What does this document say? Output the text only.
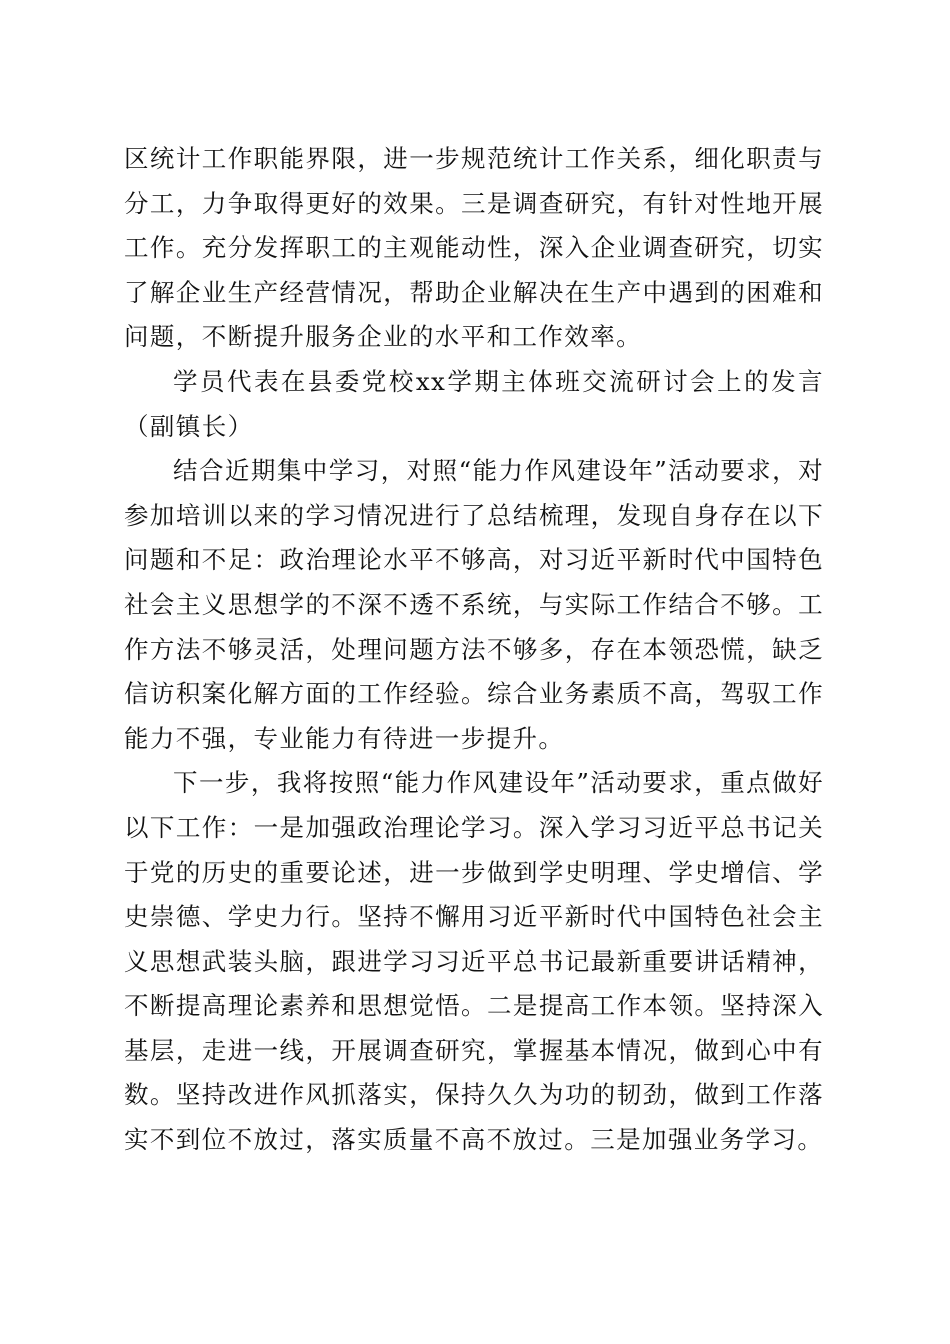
区统计工作职能界限，进一步规范统计工作关系，细化职责与分工，力争取得更好的效果。三是调查研究，有针对性地开展工作。充分发挥职工的主观能动性，深入企业调查研究，切实了解企业生产经营情况，帮助企业解决在生产中遇到的困难和问题，不断提升服务企业的水平和工作效率。

学员代表在县委党校xx学期主体班交流研讨会上的发言（副镇长）

结合近期集中学习，对照“能力作风建设年”活动要求，对参加培训以来的学习情况进行了总结梳理，发现自身存在以下问题和不足：政治理论水平不够高，对习近平新时代中国特色社会主义思想学的不深不透不系统，与实际工作结合不够。工作方法不够灵活，处理问题方法不够多，存在本领恐慌，缺乏信访积案化解方面的工作经验。综合业务素质不高，驾驭工作能力不强，专业能力有待进一步提升。

下一步，我将按照“能力作风建设年”活动要求，重点做好以下工作：一是加强政治理论学习。深入学习习近平总书记关于党的历史的重要论述，进一步做到学史明理、学史增信、学史崇德、学史力行。坚持不懈用习近平新时代中国特色社会主义思想武装头脑，跟进学习习近平总书记最新重要讲话精神，不断提高理论素养和思想觉悟。二是提高工作本领。坚持深入基层，走进一线，开展调查研究，掌握基本情况，做到心中有数。坚持改进作风抓落实，保持久久为功的韧劲，做到工作落实不到位不放过，落实质量不高不放过。三是加强业务学习。
